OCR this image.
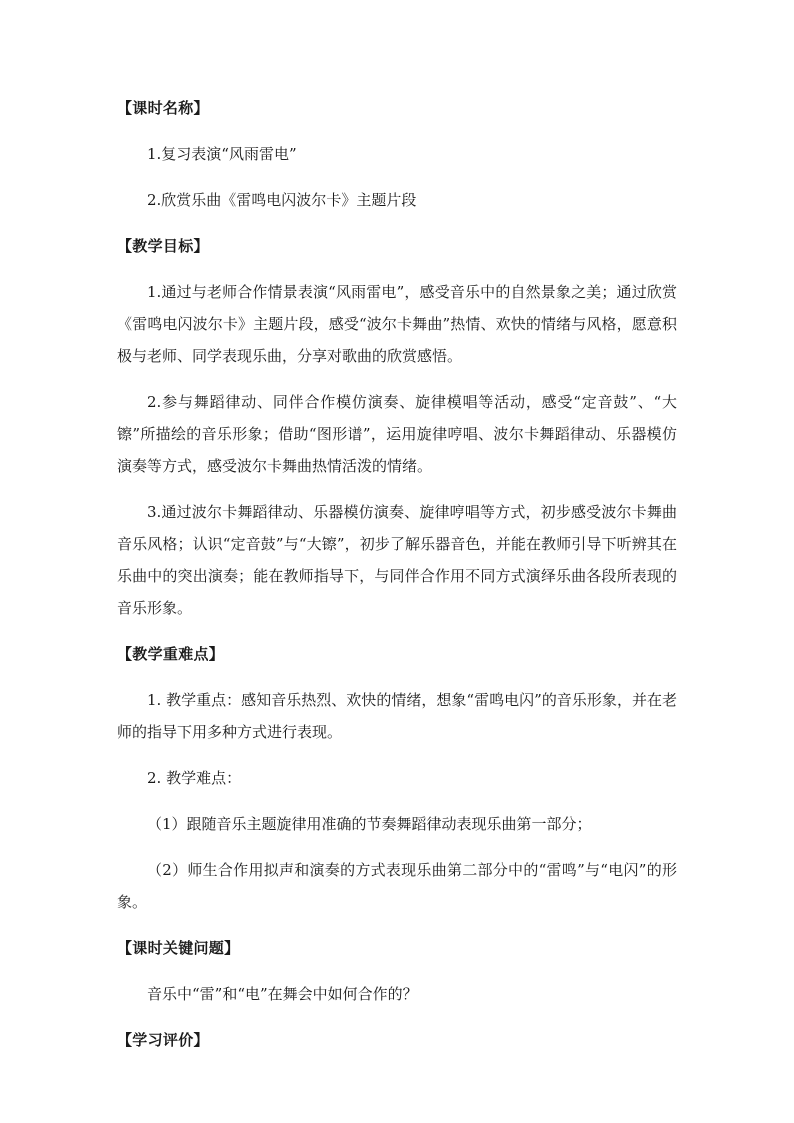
【课时名称】
1.复习表演“风雨雷电”
2.欣赏乐曲《雷鸣电闪波尔卡》主题片段
【教学目标】
1.通过与老师合作情景表演“风雨雷电”，感受音乐中的自然景象之美；通过欣赏《雷鸣电闪波尔卡》主题片段，感受“波尔卡舞曲”热情、欢快的情绪与风格，愿意积极与老师、同学表现乐曲，分享对歌曲的欣赏感悟。
2.参与舞蹈律动、同伴合作模仿演奏、旋律模唱等活动，感受“定音鼓”、“大镲”所描绘的音乐形象；借助“图形谱”，运用旋律哼唱、波尔卡舞蹈律动、乐器模仿演奏等方式，感受波尔卡舞曲热情活泼的情绪。
3.通过波尔卡舞蹈律动、乐器模仿演奏、旋律哼唱等方式，初步感受波尔卡舞曲音乐风格；认识“定音鼓”与“大镲”，初步了解乐器音色，并能在教师引导下听辨其在乐曲中的突出演奏；能在教师指导下，与同伴合作用不同方式演绎乐曲各段所表现的音乐形象。
【教学重难点】
1. 教学重点：感知音乐热烈、欢快的情绪，想象“雷鸣电闪”的音乐形象，并在老师的指导下用多种方式进行表现。
2. 教学难点：
（1）跟随音乐主题旋律用准确的节奏舞蹈律动表现乐曲第一部分；
（2）师生合作用拟声和演奏的方式表现乐曲第二部分中的“雷鸣”与“电闪”的形象。
【课时关键问题】
音乐中“雷”和“电”在舞会中如何合作的？
【学习评价】
